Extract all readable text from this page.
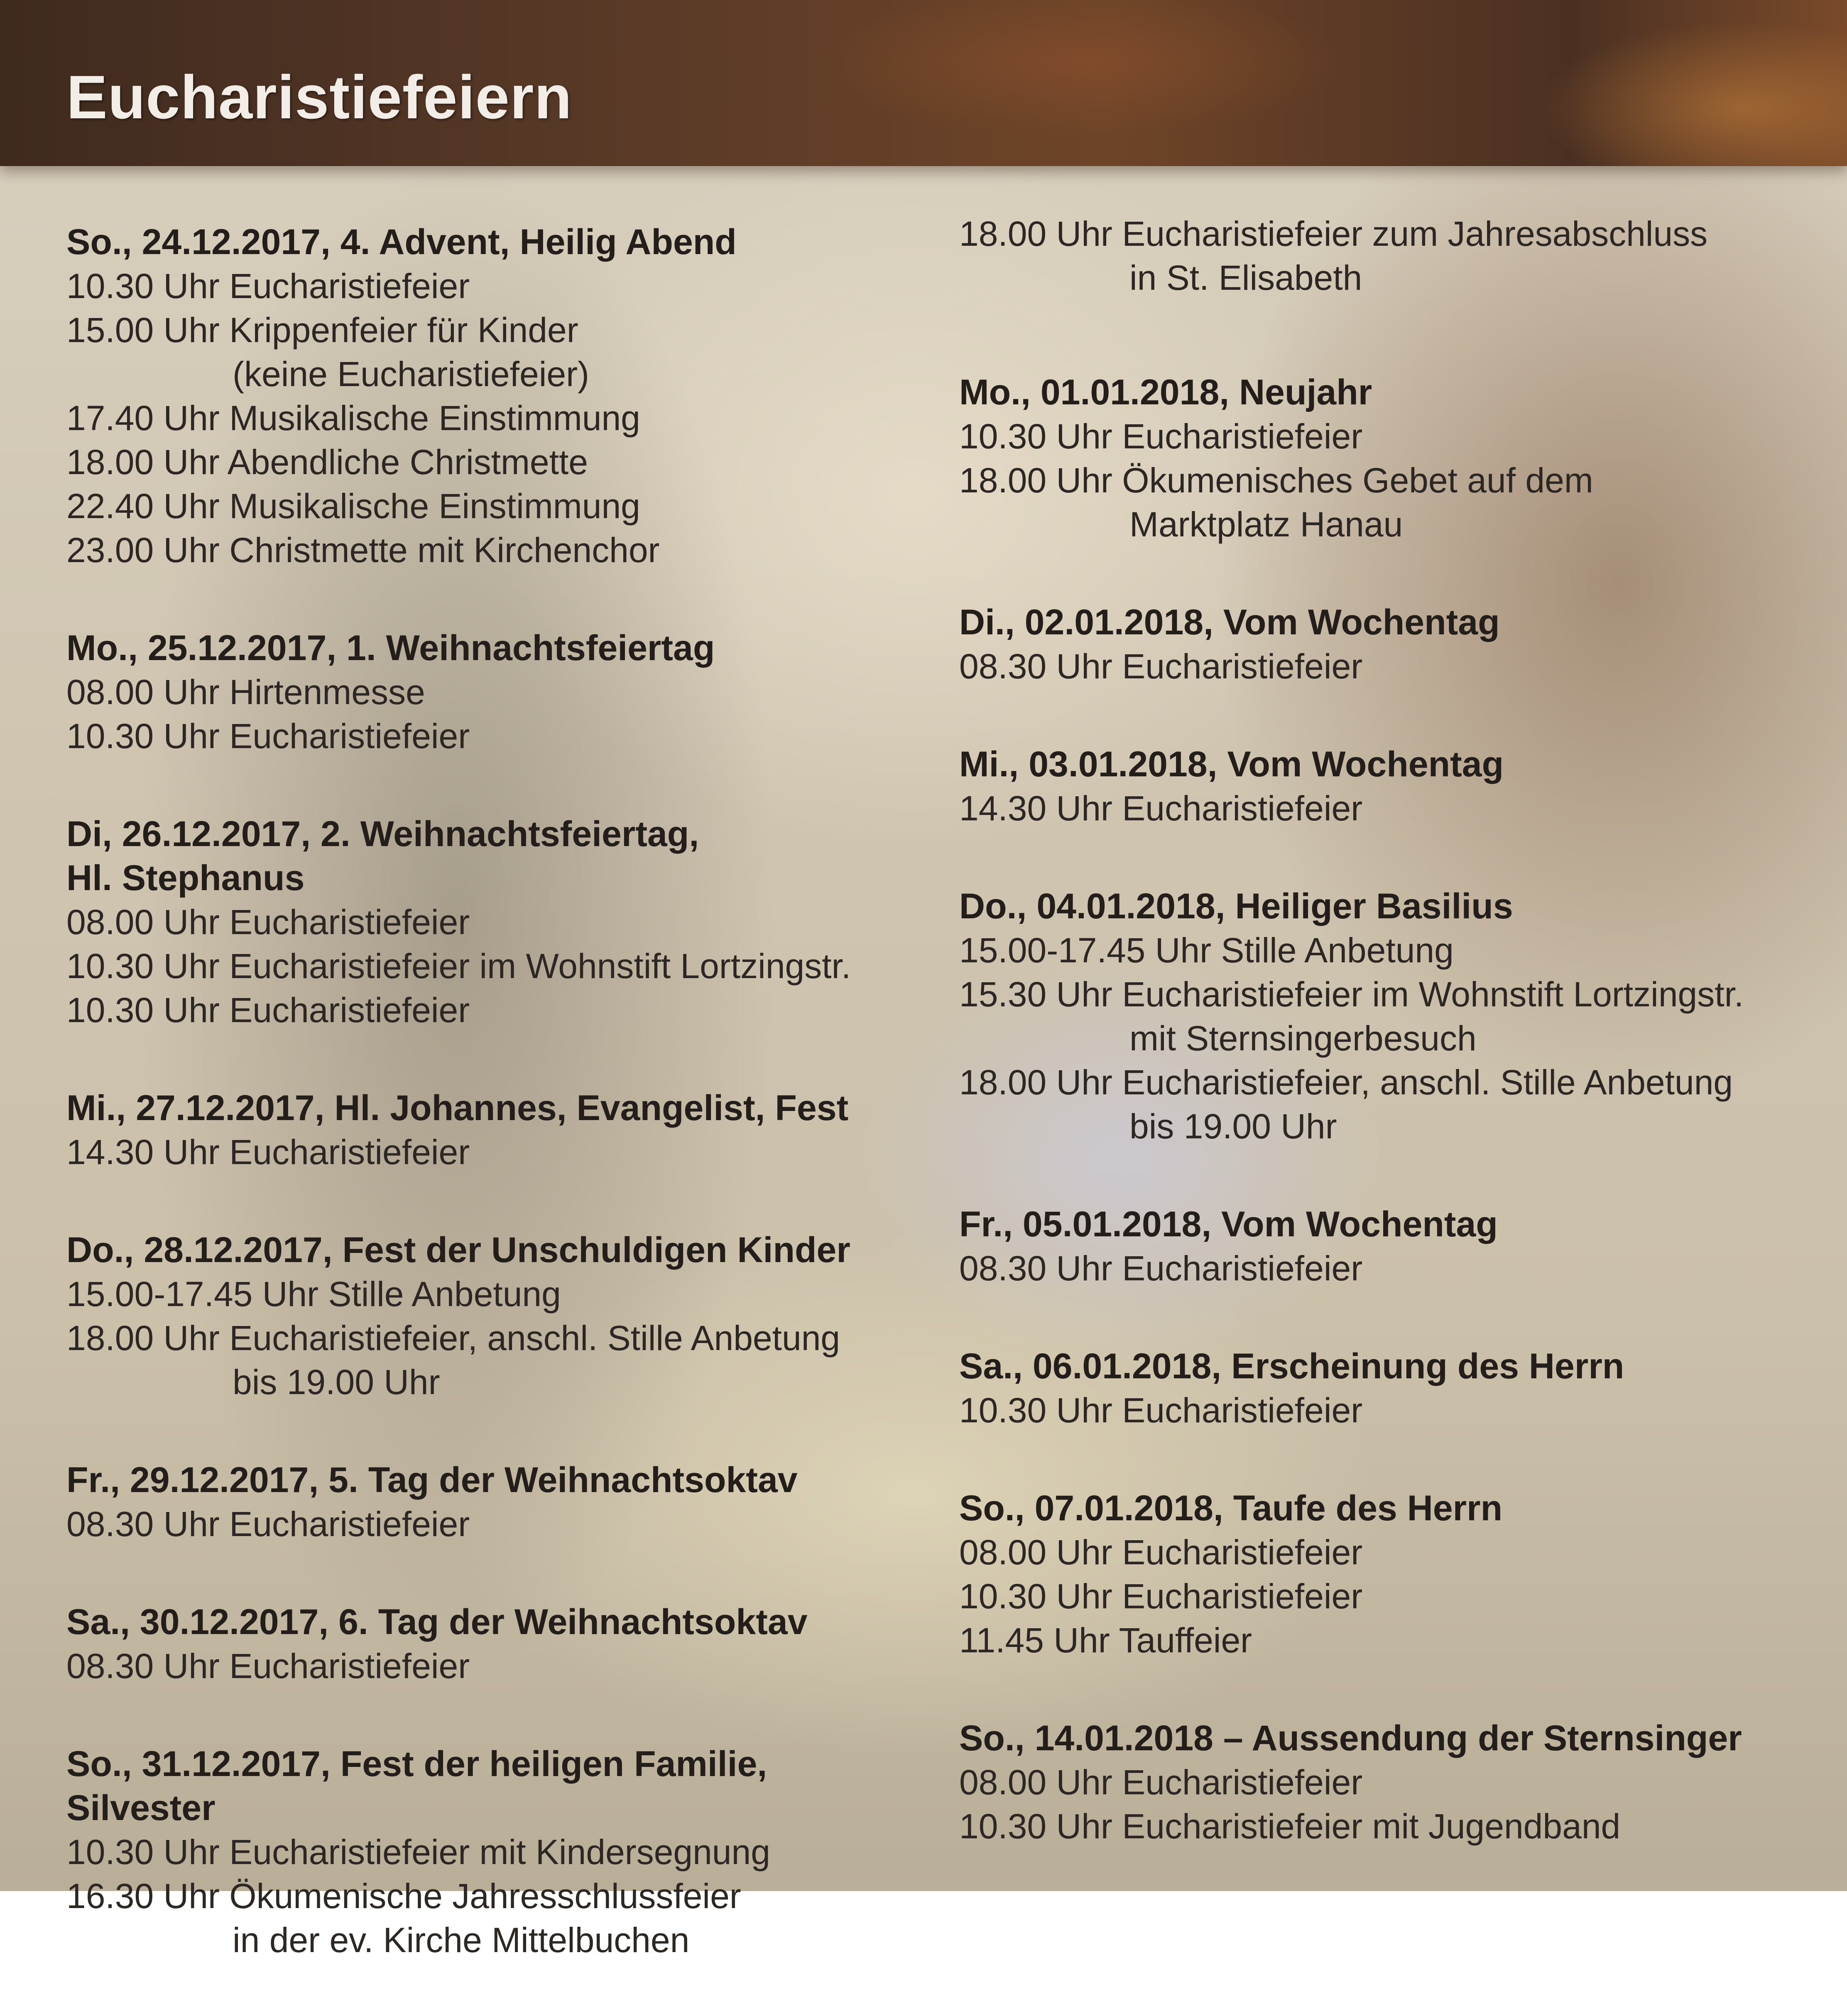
Eucharistiefeiern
So., 24.12.2017, 4. Advent, Heilig Abend
10.30 Uhr Eucharistiefeier
15.00 Uhr Krippenfeier für Kinder
(keine Eucharistiefeier)
17.40 Uhr Musikalische Einstimmung
18.00 Uhr Abendliche Christmette
22.40 Uhr Musikalische Einstimmung
23.00 Uhr Christmette mit Kirchenchor
Mo., 25.12.2017, 1. Weihnachtsfeiertag
08.00 Uhr Hirtenmesse
10.30 Uhr Eucharistiefeier
Di, 26.12.2017, 2. Weihnachtsfeiertag,
Hl. Stephanus
08.00 Uhr Eucharistiefeier
10.30 Uhr Eucharistiefeier im Wohnstift Lortzingstr.
10.30 Uhr Eucharistiefeier
Mi., 27.12.2017, Hl. Johannes, Evangelist, Fest
14.30 Uhr Eucharistiefeier
Do., 28.12.2017, Fest der Unschuldigen Kinder
15.00-17.45 Uhr Stille Anbetung
18.00 Uhr Eucharistiefeier, anschl. Stille Anbetung
bis 19.00 Uhr
Fr., 29.12.2017, 5. Tag der Weihnachtsoktav
08.30 Uhr Eucharistiefeier
Sa., 30.12.2017, 6. Tag der Weihnachtsoktav
08.30 Uhr Eucharistiefeier
So., 31.12.2017, Fest der heiligen Familie,
Silvester
10.30 Uhr Eucharistiefeier mit Kindersegnung
16.30 Uhr Ökumenische Jahresschlussfeier
in der ev. Kirche Mittelbuchen
18.00 Uhr Eucharistiefeier zum Jahresabschluss
in St. Elisabeth
Mo., 01.01.2018, Neujahr
10.30 Uhr Eucharistiefeier
18.00 Uhr Ökumenisches Gebet auf dem
Marktplatz Hanau
Di., 02.01.2018, Vom Wochentag
08.30 Uhr Eucharistiefeier
Mi., 03.01.2018, Vom Wochentag
14.30 Uhr Eucharistiefeier
Do., 04.01.2018, Heiliger Basilius
15.00-17.45 Uhr Stille Anbetung
15.30 Uhr Eucharistiefeier im Wohnstift Lortzingstr.
mit Sternsingerbesuch
18.00 Uhr Eucharistiefeier, anschl. Stille Anbetung
bis 19.00 Uhr
Fr., 05.01.2018, Vom Wochentag
08.30 Uhr Eucharistiefeier
Sa., 06.01.2018, Erscheinung des Herrn
10.30 Uhr Eucharistiefeier
So., 07.01.2018, Taufe des Herrn
08.00 Uhr Eucharistiefeier
10.30 Uhr Eucharistiefeier
11.45 Uhr Tauffeier
So., 14.01.2018 – Aussendung der Sternsinger
08.00 Uhr Eucharistiefeier
10.30 Uhr Eucharistiefeier mit Jugendband
